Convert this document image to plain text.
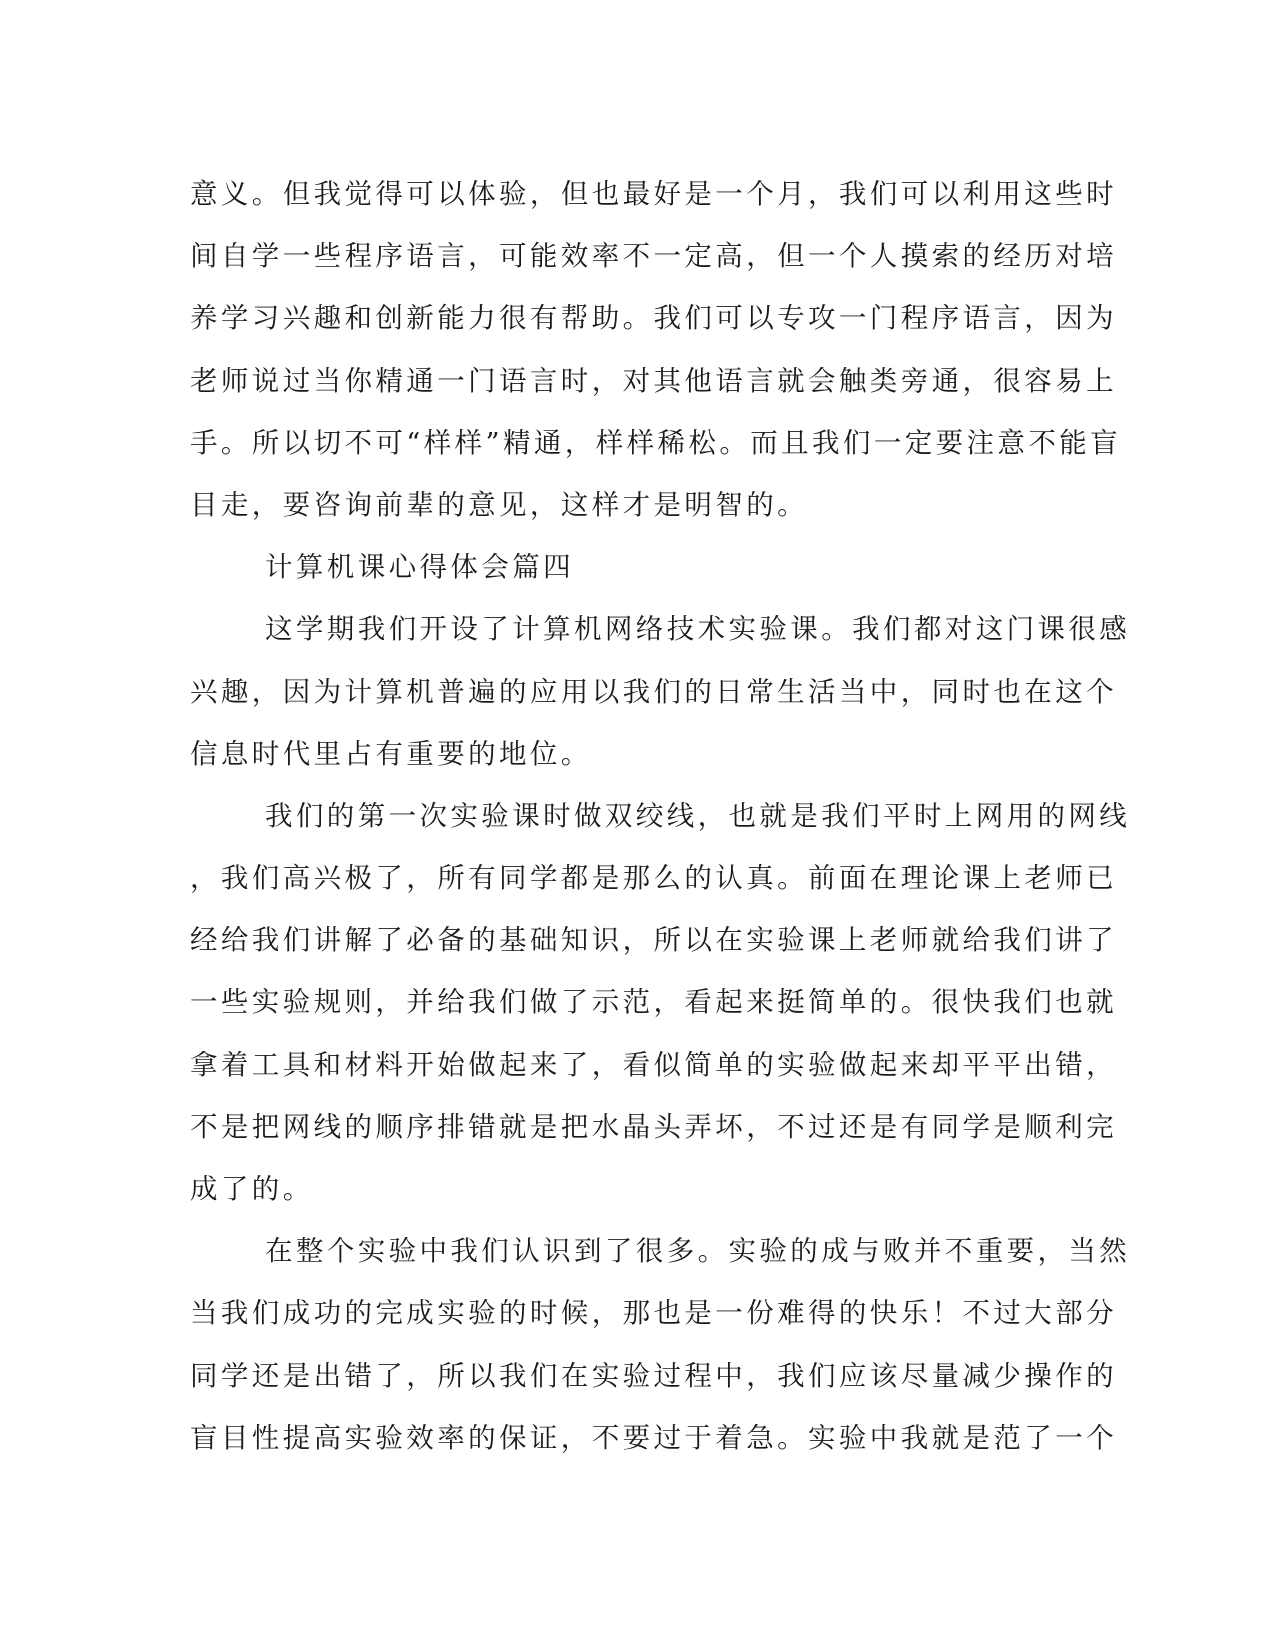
意义。但我觉得可以体验，但也最好是一个月，我们可以利用这些时
间自学一些程序语言，可能效率不一定高，但一个人摸索的经历对培
养学习兴趣和创新能力很有帮助。我们可以专攻一门程序语言，因为
老师说过当你精通一门语言时，对其他语言就会触类旁通，很容易上
手。所以切不可“样样”精通，样样稀松。而且我们一定要注意不能盲
目走，要咨询前辈的意见，这样才是明智的。
计算机课心得体会篇四
这学期我们开设了计算机网络技术实验课。我们都对这门课很感
兴趣，因为计算机普遍的应用以我们的日常生活当中，同时也在这个
信息时代里占有重要的地位。
我们的第一次实验课时做双绞线，也就是我们平时上网用的网线
，我们高兴极了，所有同学都是那么的认真。前面在理论课上老师已
经给我们讲解了必备的基础知识，所以在实验课上老师就给我们讲了
一些实验规则，并给我们做了示范，看起来挺简单的。很快我们也就
拿着工具和材料开始做起来了，看似简单的实验做起来却平平出错，
不是把网线的顺序排错就是把水晶头弄坏，不过还是有同学是顺利完
成了的。
在整个实验中我们认识到了很多。实验的成与败并不重要，当然
当我们成功的完成实验的时候，那也是一份难得的快乐！不过大部分
同学还是出错了，所以我们在实验过程中，我们应该尽量减少操作的
盲目性提高实验效率的保证，不要过于着急。实验中我就是范了一个
